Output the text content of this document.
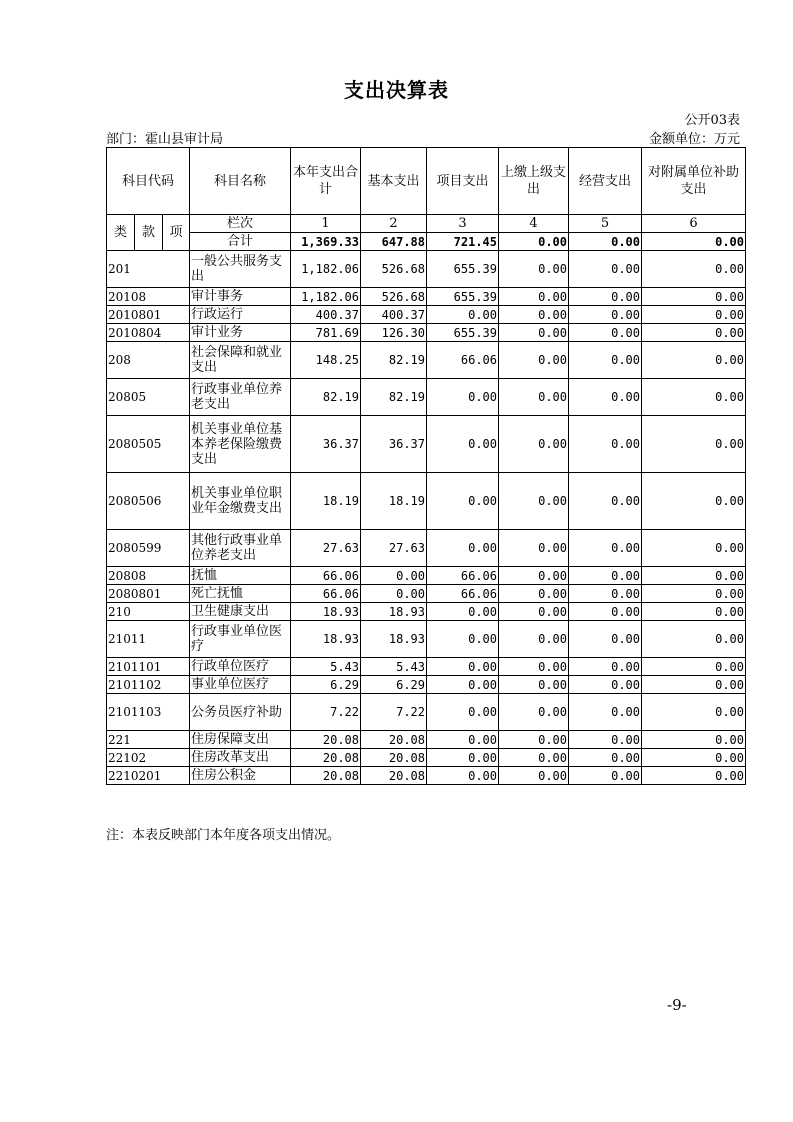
支出决算表
公开03表
部门：霍山县审计局	金额单位：万元
科目代码			科目名称	本年支出合计	基本支出	项目支出	上缴上级支出	经营支出	对附属单位补助支出
类	款	项	栏次	1	2	3	4	5	6
			合计	1,369.33	647.88	721.45	0.00	0.00	0.00
201			一般公共服务支出	1,182.06	526.68	655.39	0.00	0.00	0.00
20108			审计事务	1,182.06	526.68	655.39	0.00	0.00	0.00
2010801			行政运行	400.37	400.37	0.00	0.00	0.00	0.00
2010804			审计业务	781.69	126.30	655.39	0.00	0.00	0.00
208			社会保障和就业支出	148.25	82.19	66.06	0.00	0.00	0.00
20805			行政事业单位养老支出	82.19	82.19	0.00	0.00	0.00	0.00
2080505			机关事业单位基本养老保险缴费支出	36.37	36.37	0.00	0.00	0.00	0.00
2080506			机关事业单位职业年金缴费支出	18.19	18.19	0.00	0.00	0.00	0.00
2080599			其他行政事业单位养老支出	27.63	27.63	0.00	0.00	0.00	0.00
20808			抚恤	66.06	0.00	66.06	0.00	0.00	0.00
2080801			死亡抚恤	66.06	0.00	66.06	0.00	0.00	0.00
210			卫生健康支出	18.93	18.93	0.00	0.00	0.00	0.00
21011			行政事业单位医疗	18.93	18.93	0.00	0.00	0.00	0.00
2101101			行政单位医疗	5.43	5.43	0.00	0.00	0.00	0.00
2101102			事业单位医疗	6.29	6.29	0.00	0.00	0.00	0.00
2101103			公务员医疗补助	7.22	7.22	0.00	0.00	0.00	0.00
221			住房保障支出	20.08	20.08	0.00	0.00	0.00	0.00
22102			住房改革支出	20.08	20.08	0.00	0.00	0.00	0.00
2210201			住房公积金	20.08	20.08	0.00	0.00	0.00	0.00
注：本表反映部门本年度各项支出情况。
-9-
